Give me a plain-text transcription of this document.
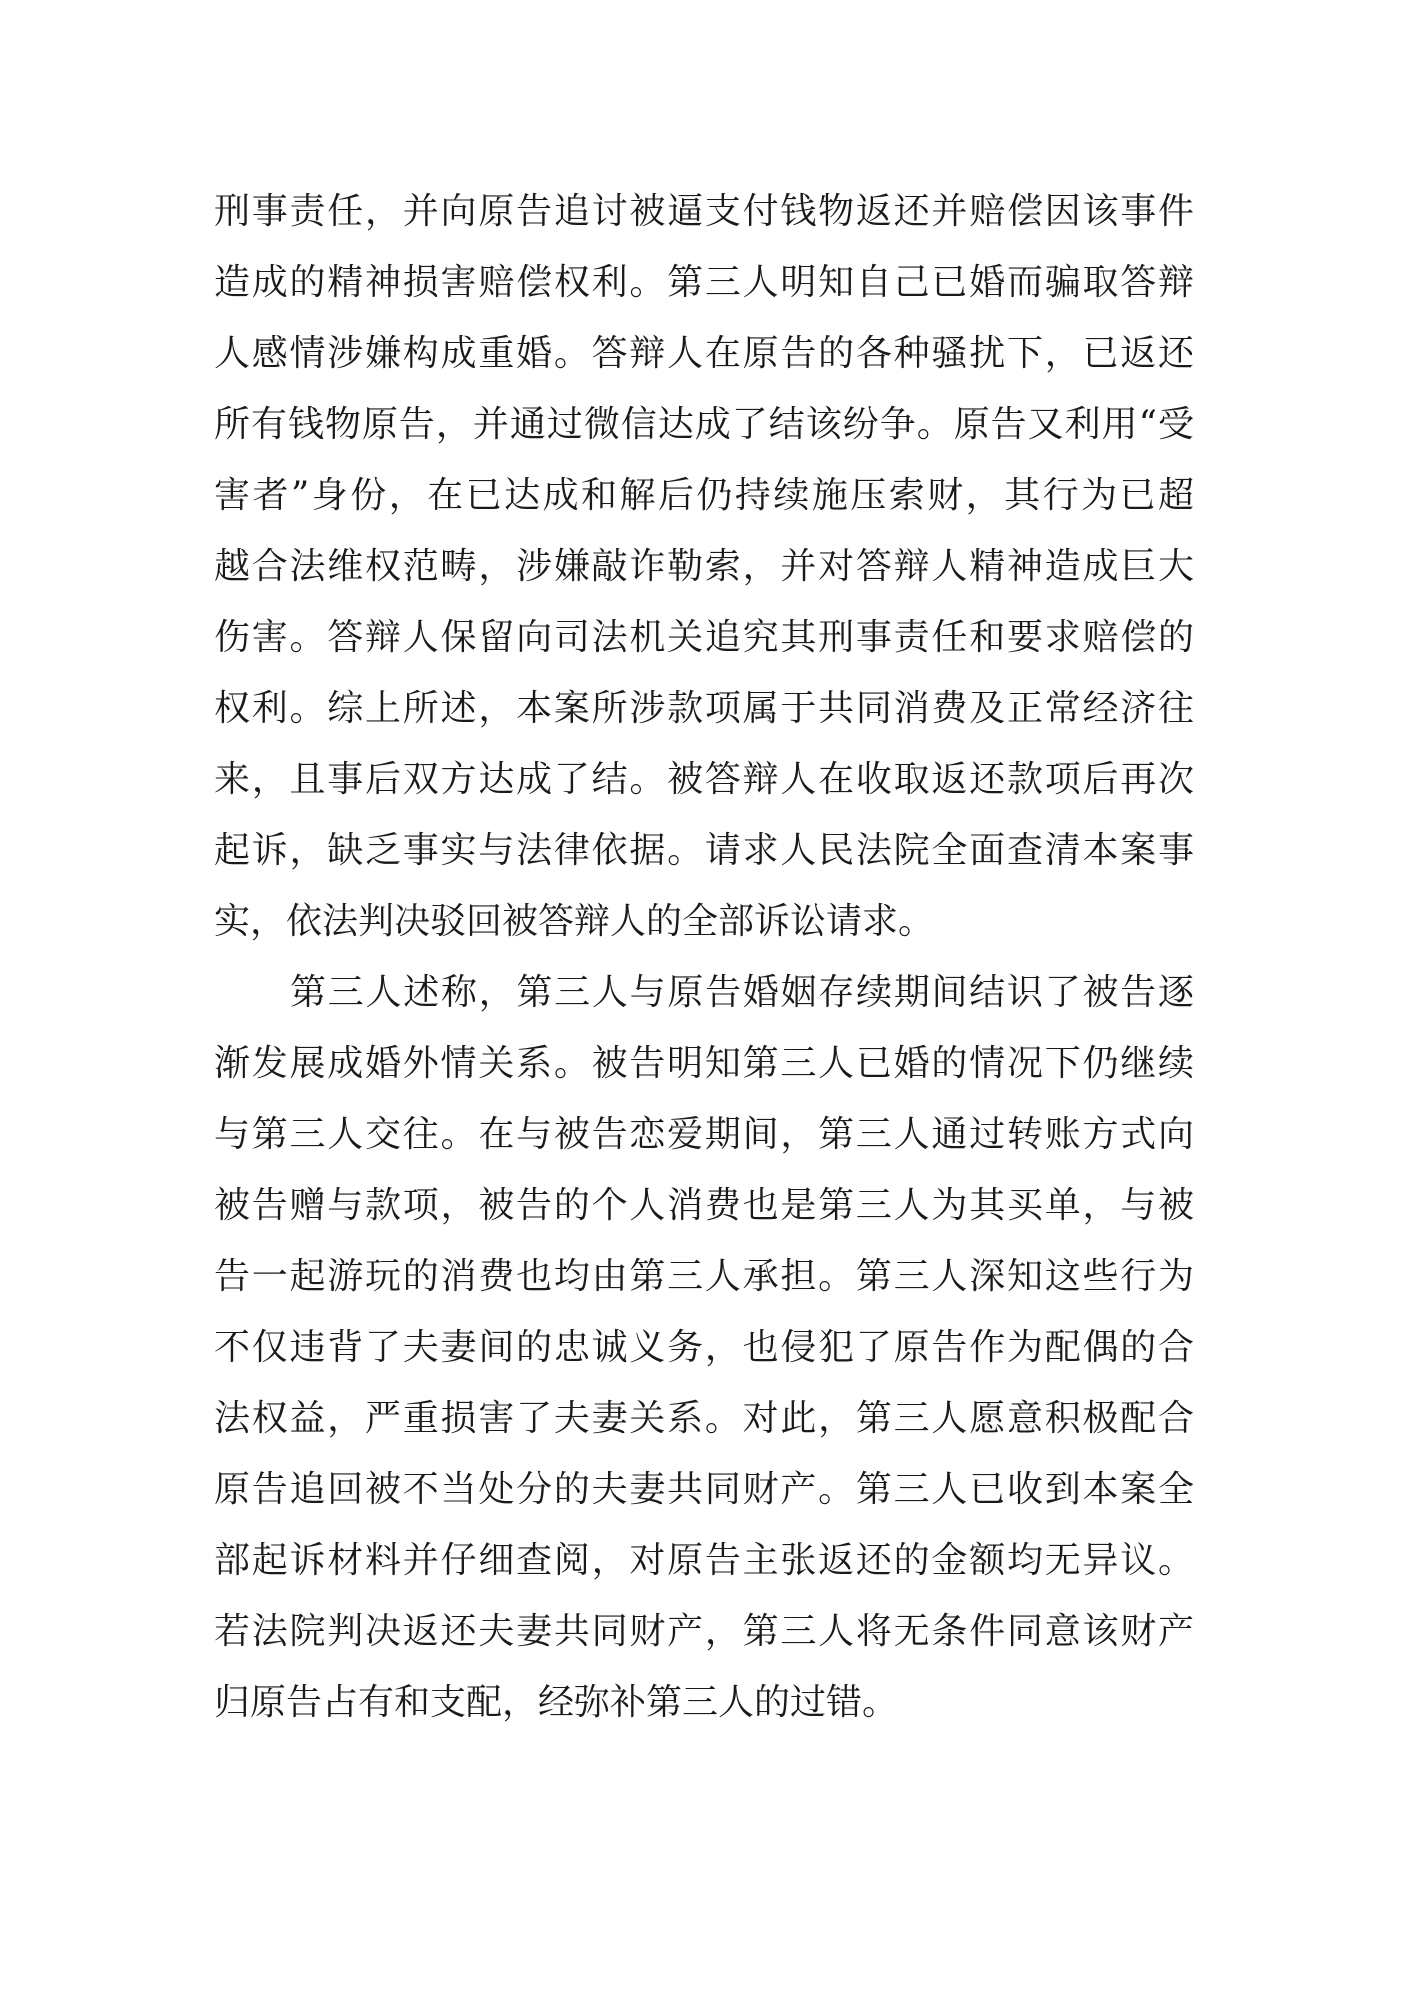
刑事责任，并向原告追讨被逼支付钱物返还并赔偿因该事件
造成的精神损害赔偿权利。第三人明知自己已婚而骗取答辩
人感情涉嫌构成重婚。答辩人在原告的各种骚扰下，已返还
所有钱物原告，并通过微信达成了结该纷争。原告又利用“受
害者”身份，在已达成和解后仍持续施压索财，其行为已超
越合法维权范畴，涉嫌敲诈勒索，并对答辩人精神造成巨大
伤害。答辩人保留向司法机关追究其刑事责任和要求赔偿的
权利。综上所述，本案所涉款项属于共同消费及正常经济往
来，且事后双方达成了结。被答辩人在收取返还款项后再次
起诉，缺乏事实与法律依据。请求人民法院全面查清本案事
实，依法判决驳回被答辩人的全部诉讼请求。
第三人述称，第三人与原告婚姻存续期间结识了被告逐
渐发展成婚外情关系。被告明知第三人已婚的情况下仍继续
与第三人交往。在与被告恋爱期间，第三人通过转账方式向
被告赠与款项，被告的个人消费也是第三人为其买单，与被
告一起游玩的消费也均由第三人承担。第三人深知这些行为
不仅违背了夫妻间的忠诚义务，也侵犯了原告作为配偶的合
法权益，严重损害了夫妻关系。对此，第三人愿意积极配合
原告追回被不当处分的夫妻共同财产。第三人已收到本案全
部起诉材料并仔细查阅，对原告主张返还的金额均无异议。
若法院判决返还夫妻共同财产，第三人将无条件同意该财产
归原告占有和支配，经弥补第三人的过错。
